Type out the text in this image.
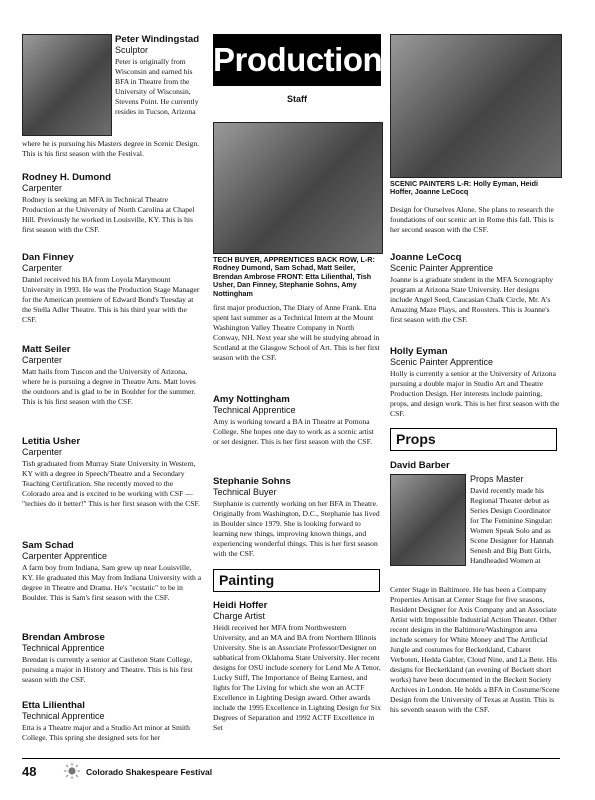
Peter Windingstad

Sculptor

Peter is originally from Wisconsin and earned his BFA in Theatre from the University of Wisconsin, Stevens Point. He currently resides in Tucson, Arizona

where he is pursuing his Masters degree in Scenic Design. This is his first season with the Festival.

Rodney H. Dumond

Carpenter

Rodney is seeking an MFA in Technical Theatre Production at the University of North Carolina at Chapel Hill. Previously he worked in Louisville, KY. This is his first season with the CSF.

Dan Finney

Carpenter

Daniel received his BA from Loyola Marymount University in 1993. He was the Production Stage Manager for the American premiere of Edward Bond's Tuesday at the Stella Adler Theatre. This is his third year with the CSF.

Matt Seiler

Carpenter

Matt hails from Tuscon and the University of Arizona, where he is pursuing a degree in Theatre Arts. Matt loves the outdoors and is glad to be in Boulder for the summer. This is his first season with the CSF.

Letitia Usher

Carpenter

Tish graduated from Murray State University in Western, KY with a degree in Speech/Theatre and a Secondary Teaching Certification. She recently moved to the Colorado area and is excited to be working with CSF — "techies do it better!" This is her first season with the CSF.

Sam Schad

Carpenter Apprentice

A farm boy from Indiana, Sam grew up near Louisville, KY. He graduated this May from Indiana University with a degree in Theatre and Drama. He's "ecstatic" to be in Boulder. This is Sam's first season with the CSF.

Brendan Ambrose

Technical Apprentice

Brendan is currently a senior at Castleton State College, pursuing a major in History and Theatre. This is his first season with the CSF.

Etta Lilienthal

Technical Apprentice

Etta is a Theatre major and a Studio Art minor at Smith College. This spring she designed sets for her

Production
Staff

TECH BUYER, APPRENTICES BACK ROW, L-R: Rodney Dumond, Sam Schad, Matt Seiler, Brendan Ambrose FRONT: Etta Lilienthal, Tish Usher, Dan Finney, Stephanie Sohns, Amy Nottingham

first major production, The Diary of Anne Frank. Etta spent last summer as a Technical Intern at the Mount Washington Valley Theatre Company in North Conway, NH. Next year she will be studying abroad in Scotland at the Glasgow School of Art. This is her first season with the CSF.

Amy Nottingham

Technical Apprentice

Amy is working toward a BA in Theatre at Pomona College. She hopes one day to work as a scenic artist or set designer. This is her first season with the CSF.

Stephanie Sohns

Technical Buyer

Stephanie is currently working on her BFA in Theatre. Originally from Washington, D.C., Stephanie has lived in Boulder since 1979. She is looking forward to learning new things, improving known things, and experiencing wonderful things. This is her first season with the CSF.

Painting

Heidi Hoffer

Charge Artist

Heidi received her MFA from Northwestern University, and an MA and BA from Northern Illinois University. She is an Associate Professor/Designer on sabbatical from Oklahoma State University. Her recent designs for OSU include scenery for Lend Me A Tenor, Lucky Stiff, The Importance of Being Earnest, and lights for The Living for which she won an ACTF Excellence in Lighting Design award. Other awards include the 1995 Excellence in Lighting Design for Six Degrees of Separation and 1992 ACTF Excellence in Set

SCENIC PAINTERS L-R: Holly Eyman, Heidi Hoffer, Joanne LeCocq

Design for Ourselves Alone. She plans to research the foundations of our scenic art in Rome this fall. This is her second season with the CSF.

Joanne LeCocq

Scenic Painter Apprentice

Joanne is a graduate student in the MFA Scenography program at Arizona State University. Her designs include Angel Seed, Caucasian Chalk Circle, Mr. A's Amazing Maze Plays, and Roosters. This is Joanne's first season with the CSF.

Holly Eyman

Scenic Painter Apprentice

Holly is currently a senior at the University of Arizona pursuing a double major in Studio Art and Theatre Production Design. Her interests include painting, props, and design work. This is her first season with the CSF.

Props

David Barber

Props Master

David recently made his Regional Theater debut as Series Design Coordinator for The Feminine Singular: Women Speak Solo and as Scene Designer for Hannah Senesh and Big Butt Girls, Handheaded Women at

Center Stage in Baltimore. He has been a Company Properties Artisan at Center Stage for five seasons, Resident Designer for Axis Company and an Associate Artist with Impossible Industrial Action Theater. Other recent designs in the Baltimore/Washington area include scenery for White Money and The Artificial Jungle and costumes for Becketkland, Cabaret Verboten, Hedda Gabler, Cloud Nine, and La Bete. His designs for Becketkland (an evening of Beckett short works) have been documented in the Beckett Society Archives in London. He holds a BFA in Costume/Scene Design from the University of Texas at Austin. This is his seventh season with the CSF.

48	Colorado Shakespeare Festival
